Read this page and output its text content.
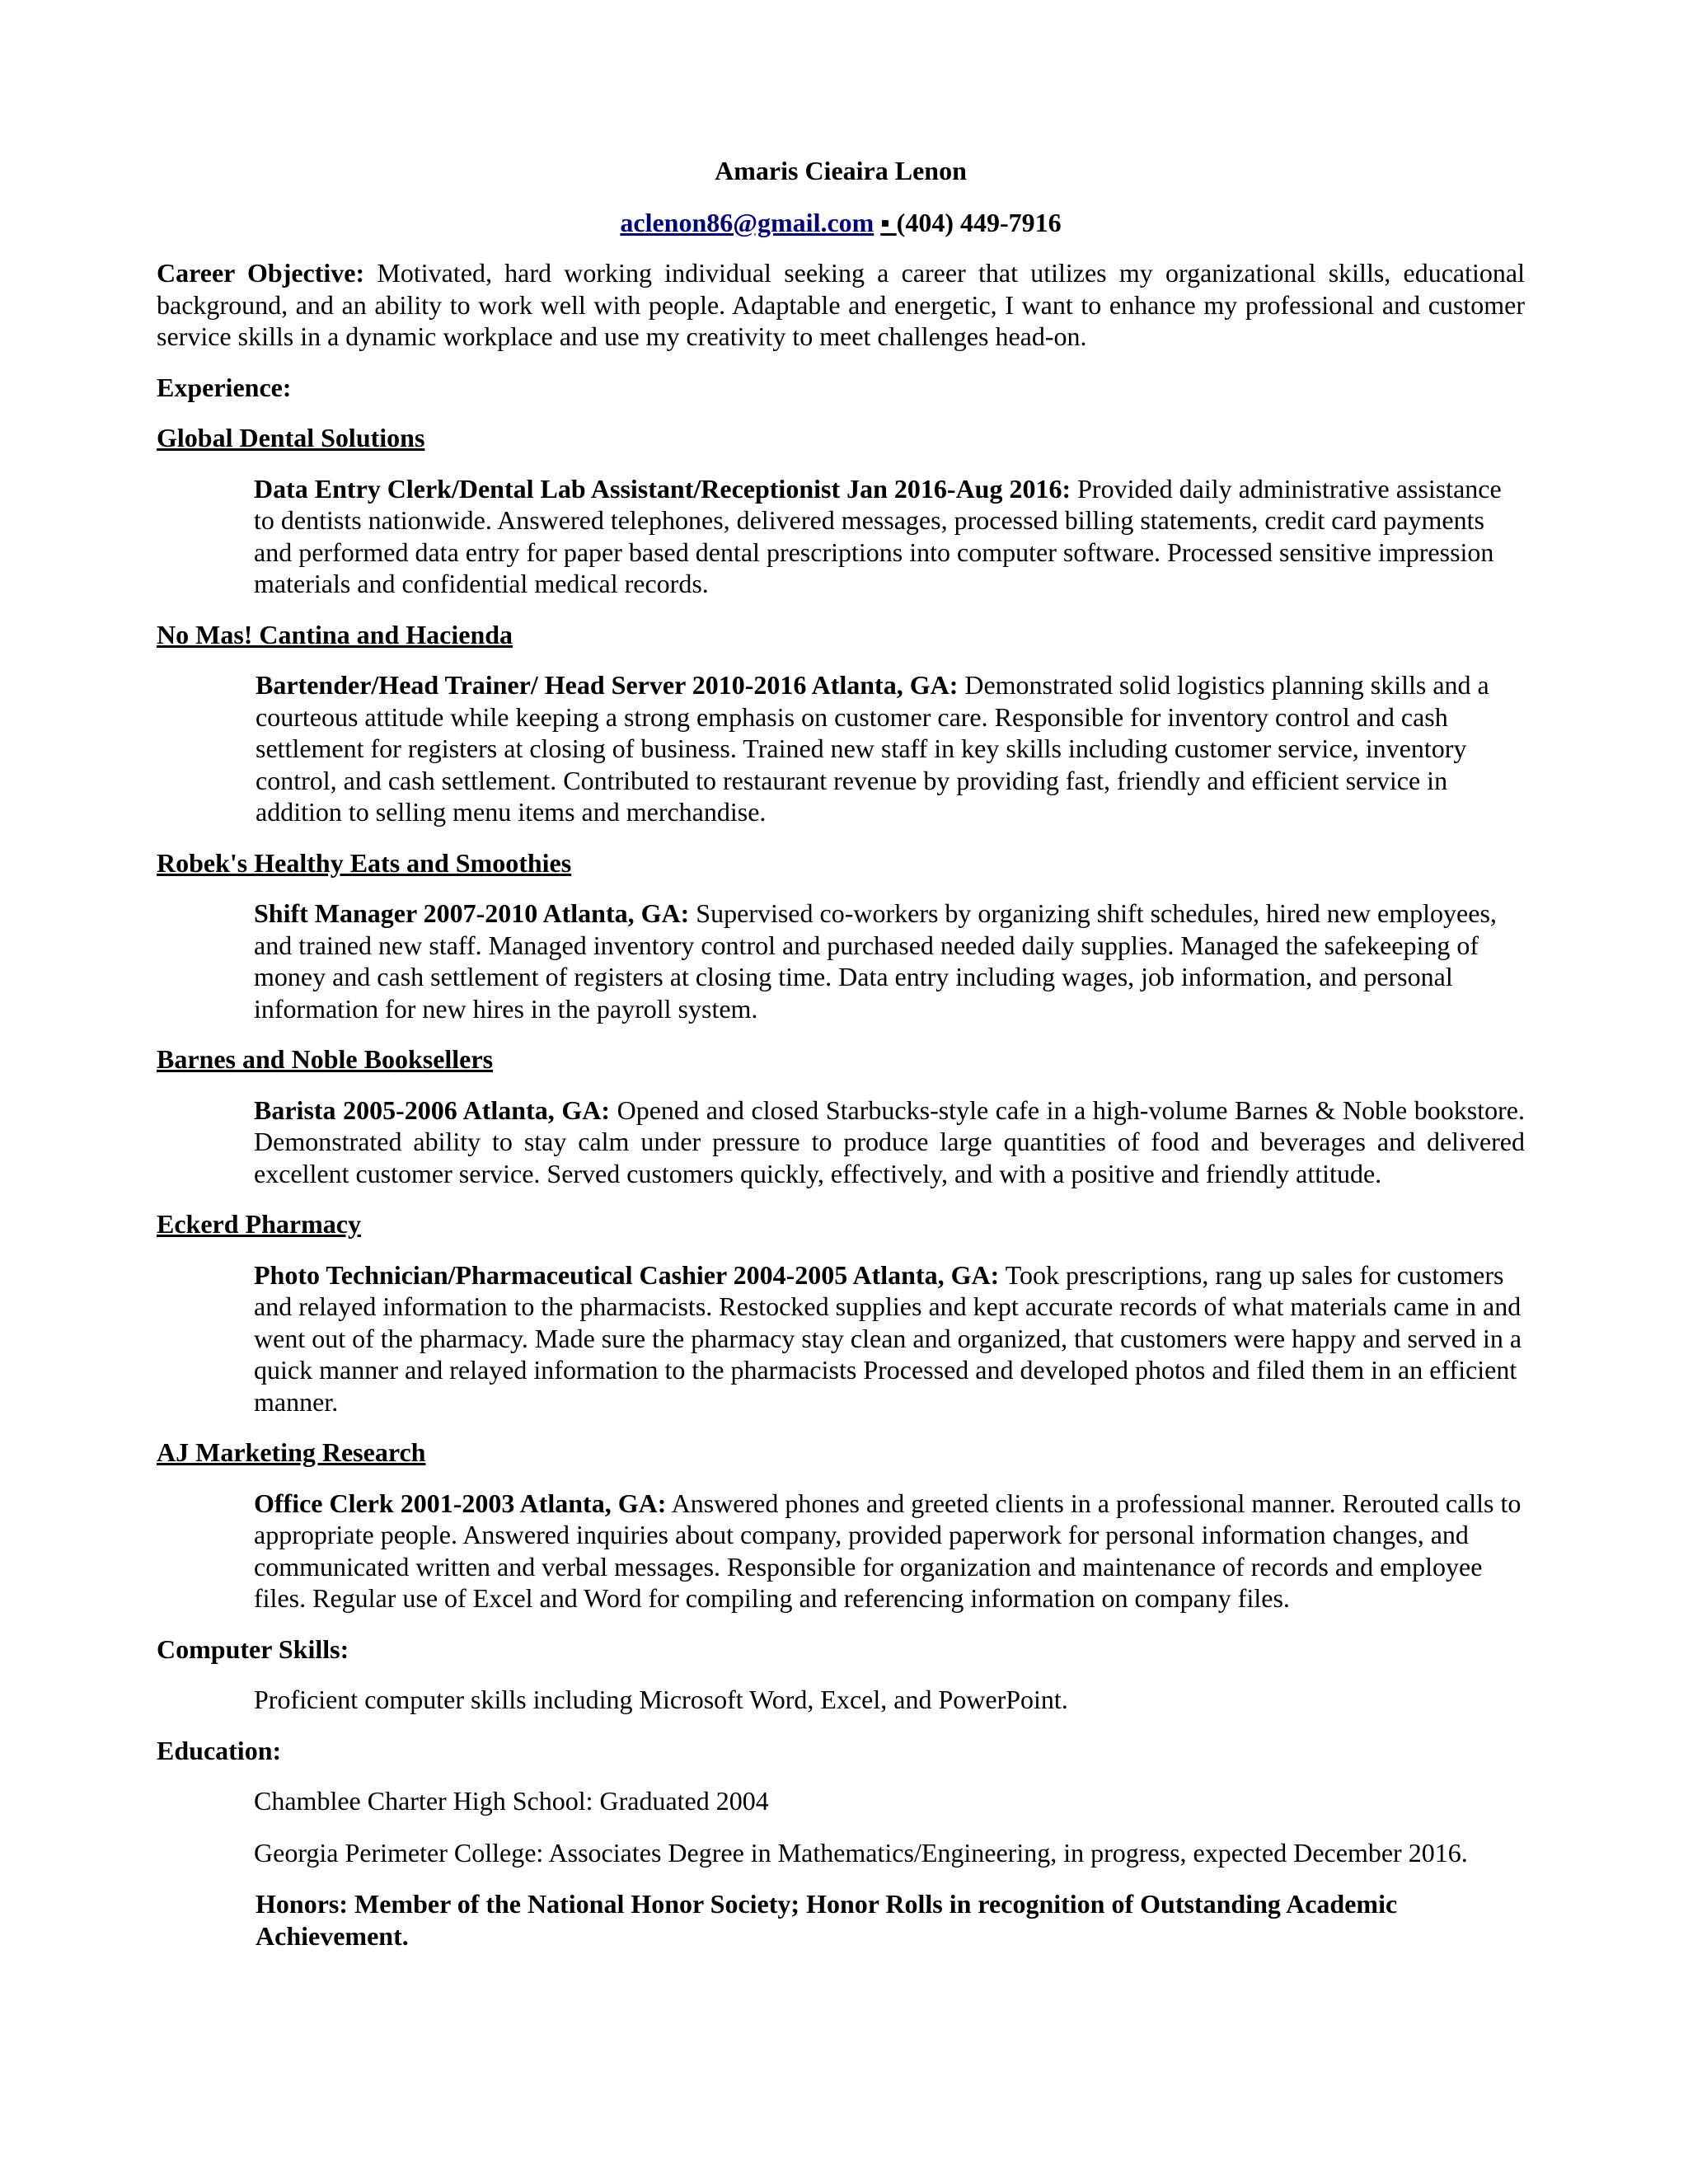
Amaris Cieaira Lenon
aclenon86@gmail.com ▪ (404) 449-7916
Career Objective: Motivated, hard working individual seeking a career that utilizes my organizational skills, educational background, and an ability to work well with people. Adaptable and energetic, I want to enhance my professional and customer service skills in a dynamic workplace and use my creativity to meet challenges head-on.
Experience:
Global Dental Solutions
Data Entry Clerk/Dental Lab Assistant/Receptionist Jan 2016-Aug 2016: Provided daily administrative assistance to dentists nationwide. Answered telephones, delivered messages, processed billing statements, credit card payments and performed data entry for paper based dental prescriptions into computer software. Processed sensitive impression materials and confidential medical records.
No Mas! Cantina and Hacienda
Bartender/Head Trainer/ Head Server 2010-2016 Atlanta, GA: Demonstrated solid logistics planning skills and a courteous attitude while keeping a strong emphasis on customer care. Responsible for inventory control and cash settlement for registers at closing of business. Trained new staff in key skills including customer service, inventory control, and cash settlement. Contributed to restaurant revenue by providing fast, friendly and efficient service in addition to selling menu items and merchandise.
Robek's Healthy Eats and Smoothies
Shift Manager 2007-2010 Atlanta, GA: Supervised co-workers by organizing shift schedules, hired new employees, and trained new staff. Managed inventory control and purchased needed daily supplies. Managed the safekeeping of money and cash settlement of registers at closing time. Data entry including wages, job information, and personal information for new hires in the payroll system.
Barnes and Noble Booksellers
Barista 2005-2006 Atlanta, GA: Opened and closed Starbucks-style cafe in a high-volume Barnes & Noble bookstore. Demonstrated ability to stay calm under pressure to produce large quantities of food and beverages and delivered excellent customer service. Served customers quickly, effectively, and with a positive and friendly attitude.
Eckerd Pharmacy
Photo Technician/Pharmaceutical Cashier 2004-2005 Atlanta, GA: Took prescriptions, rang up sales for customers and relayed information to the pharmacists. Restocked supplies and kept accurate records of what materials came in and went out of the pharmacy. Made sure the pharmacy stay clean and organized, that customers were happy and served in a quick manner and relayed information to the pharmacists Processed and developed photos and filed them in an efficient manner.
AJ Marketing Research
Office Clerk 2001-2003 Atlanta, GA: Answered phones and greeted clients in a professional manner. Rerouted calls to appropriate people. Answered inquiries about company, provided paperwork for personal information changes, and communicated written and verbal messages. Responsible for organization and maintenance of records and employee files. Regular use of Excel and Word for compiling and referencing information on company files.
Computer Skills:
Proficient computer skills including Microsoft Word, Excel, and PowerPoint.
Education:
Chamblee Charter High School: Graduated 2004
Georgia Perimeter College: Associates Degree in Mathematics/Engineering, in progress, expected December 2016.
Honors: Member of the National Honor Society; Honor Rolls in recognition of Outstanding Academic Achievement.
